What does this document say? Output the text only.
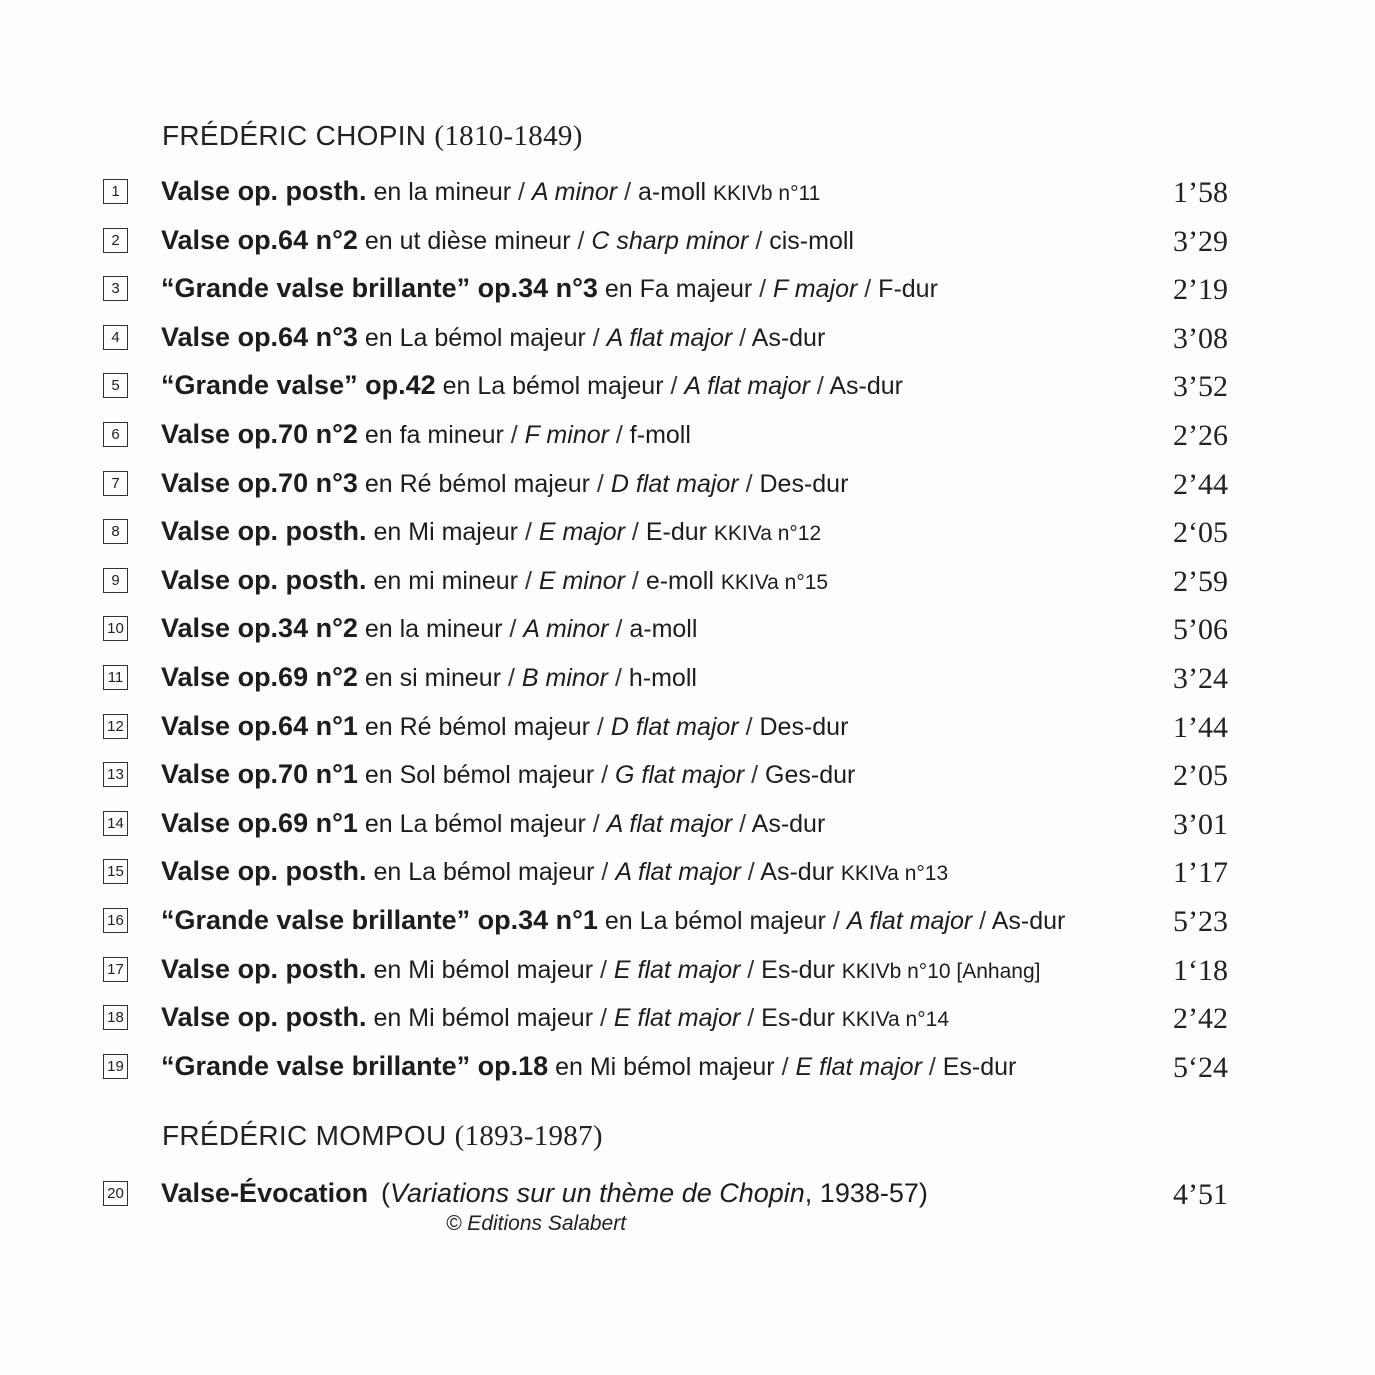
FRÉDÉRIC CHOPIN (1810-1849)
1	Valse op. posth. en la mineur / A minor / a-moll KKIVb n°11	1’58
2	Valse op.64 n°2 en ut dièse mineur / C sharp minor / cis-moll	3’29
3	“Grande valse brillante” op.34 n°3 en Fa majeur / F major / F-dur	2’19
4	Valse op.64 n°3 en La bémol majeur / A flat major / As-dur	3’08
5	“Grande valse” op.42 en La bémol majeur / A flat major / As-dur	3’52
6	Valse op.70 n°2 en fa mineur / F minor / f-moll	2’26
7	Valse op.70 n°3 en Ré bémol majeur / D flat major / Des-dur	2’44
8	Valse op. posth. en Mi majeur / E major / E-dur KKIVa n°12	2‘05
9	Valse op. posth. en mi mineur / E minor / e-moll KKIVa n°15	2’59
10 Valse op.34 n°2 en la mineur / A minor / a-moll	5’06
11 Valse op.69 n°2 en si mineur / B minor / h-moll	3’24
12 Valse op.64 n°1 en Ré bémol majeur / D flat major / Des-dur	1’44
13 Valse op.70 n°1 en Sol bémol majeur / G flat major / Ges-dur	2’05
14 Valse op.69 n°1 en La bémol majeur / A flat major / As-dur	3’01
15 Valse op. posth. en La bémol majeur / A flat major / As-dur KKIVa n°13	1’17
16 “Grande valse brillante” op.34 n°1 en La bémol majeur / A flat major / As-dur	5’23
17 Valse op. posth. en Mi bémol majeur / E flat major / Es-dur KKIVb n°10 [Anhang]	1‘18
18 Valse op. posth. en Mi bémol majeur / E flat major / Es-dur KKIVa n°14	2’42
19 “Grande valse brillante” op.18 en Mi bémol majeur / E flat major / Es-dur	5‘24
FRÉDÉRIC MOMPOU (1893-1987)
20 Valse-Évocation (Variations sur un thème de Chopin, 1938-57)	4’51
© Editions Salabert
